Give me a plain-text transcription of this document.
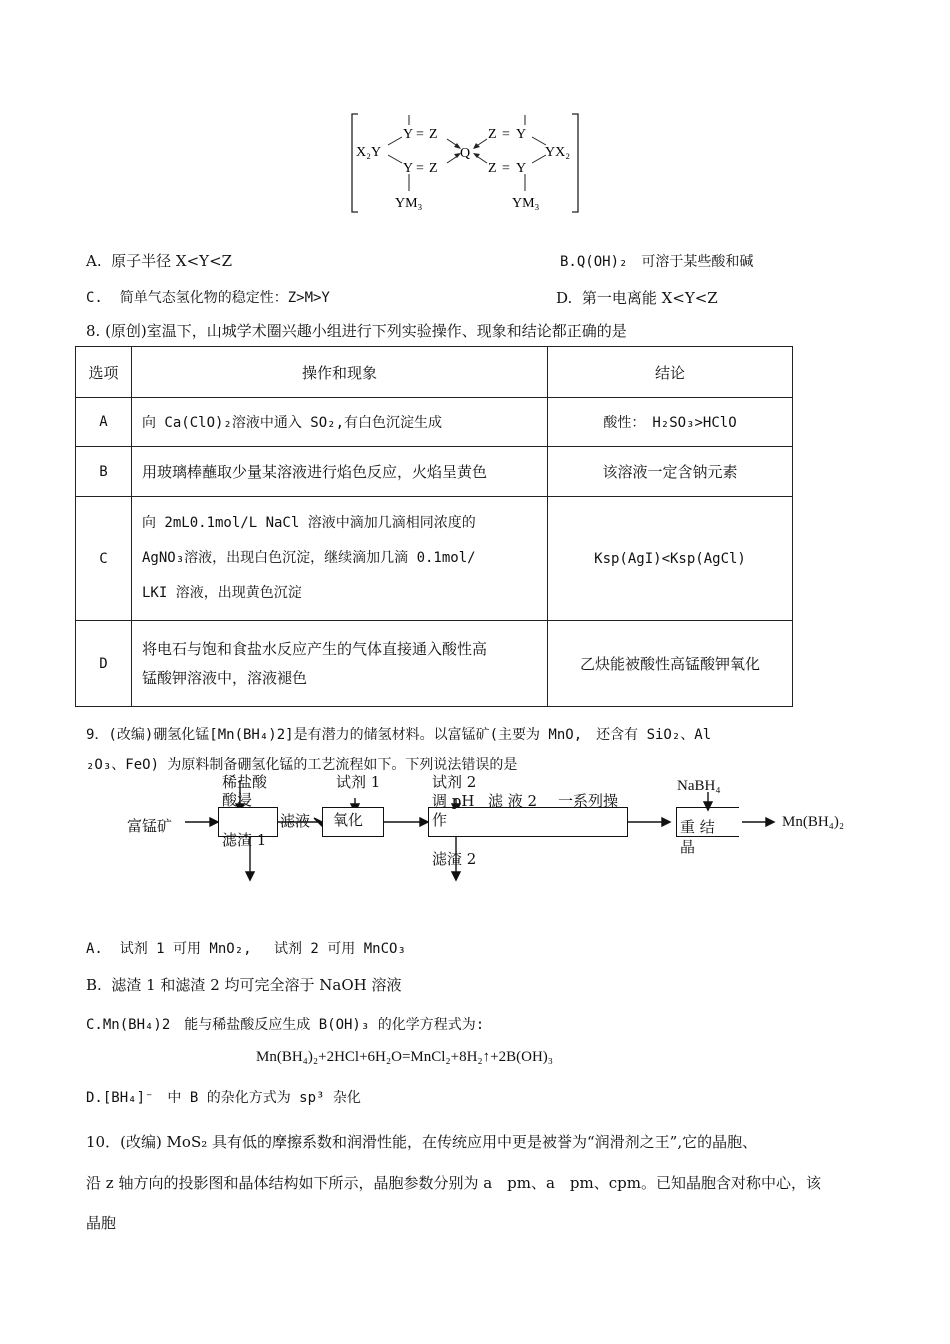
X₂Y
Y = Z
Y = Z
Q
Z = Y
Z = Y
YX₂
YM₃	YM₃
A. 原子半径 X<Y<Z	B.Q(OH)₂　可溶于某些酸和碱
C. 简单气态氢化物的稳定性：Z>M>Y	D. 第一电离能 X<Y<Z
8. (原创)室温下，山城学术圈兴趣小组进行下列实验操作、现象和结论都正确的是
选项	操作和现象	结论
A	向 Ca(ClO)₂溶液中通入 SO₂,有白色沉淀生成	酸性：　H₂SO₃>HClO
B	用玻璃棒蘸取少量某溶液进行焰色反应，火焰呈黄色	该溶液一定含钠元素
C	向 2mL0.1mol/L NaCl 溶液中滴加几滴相同浓度的
AgNO₃溶液，出现白色沉淀，继续滴加几滴 0.1mol/
LKI 溶液，出现黄色沉淀	Ksp(AgI)<Ksp(AgCl)
D	将电石与饱和食盐水反应产生的气体直接通入酸性高
锰酸钾溶液中，溶液褪色	乙炔能被酸性高锰酸钾氧化
9．(改编)硼氢化锰[Mn(BH₄)2]是有潜力的储氢材料。以富锰矿(主要为 MnO,　还含有 SiO₂、Al
₂O₃、FeO) 为原料制备硼氢化锰的工艺流程如下。下列说法错误的是
富锰矿
稀盐酸
酸浸
滤渣 1
滤液
试剂 1
氧化
试剂 2
调 pH 滤 液 2 一系列操
作
滤渣 2
NaBH₄
重 结
晶
Mn(BH₄)₂
A. 试剂 1 可用 MnO₂,　 试剂 2 可用 MnCO₃
B. 滤渣 1 和滤渣 2 均可完全溶于 NaOH 溶液
C.Mn(BH₄)2　能与稀盐酸反应生成 B(OH)₃ 的化学方程式为:
Mn(BH₄)₂+2HCl+6H₂O=MnCl₂+8H₂↑+2B(OH)₃
D.[BH₄]⁻　中 B 的杂化方式为 sp³ 杂化
10．(改编) MoS₂ 具有低的摩擦系数和润滑性能，在传统应用中更是被誉为“润滑剂之王”,它的晶胞、
沿 z 轴方向的投影图和晶体结构如下所示，晶胞参数分别为 a　pm、a　pm、cpm。已知晶胞含对称中心，该
晶胞
